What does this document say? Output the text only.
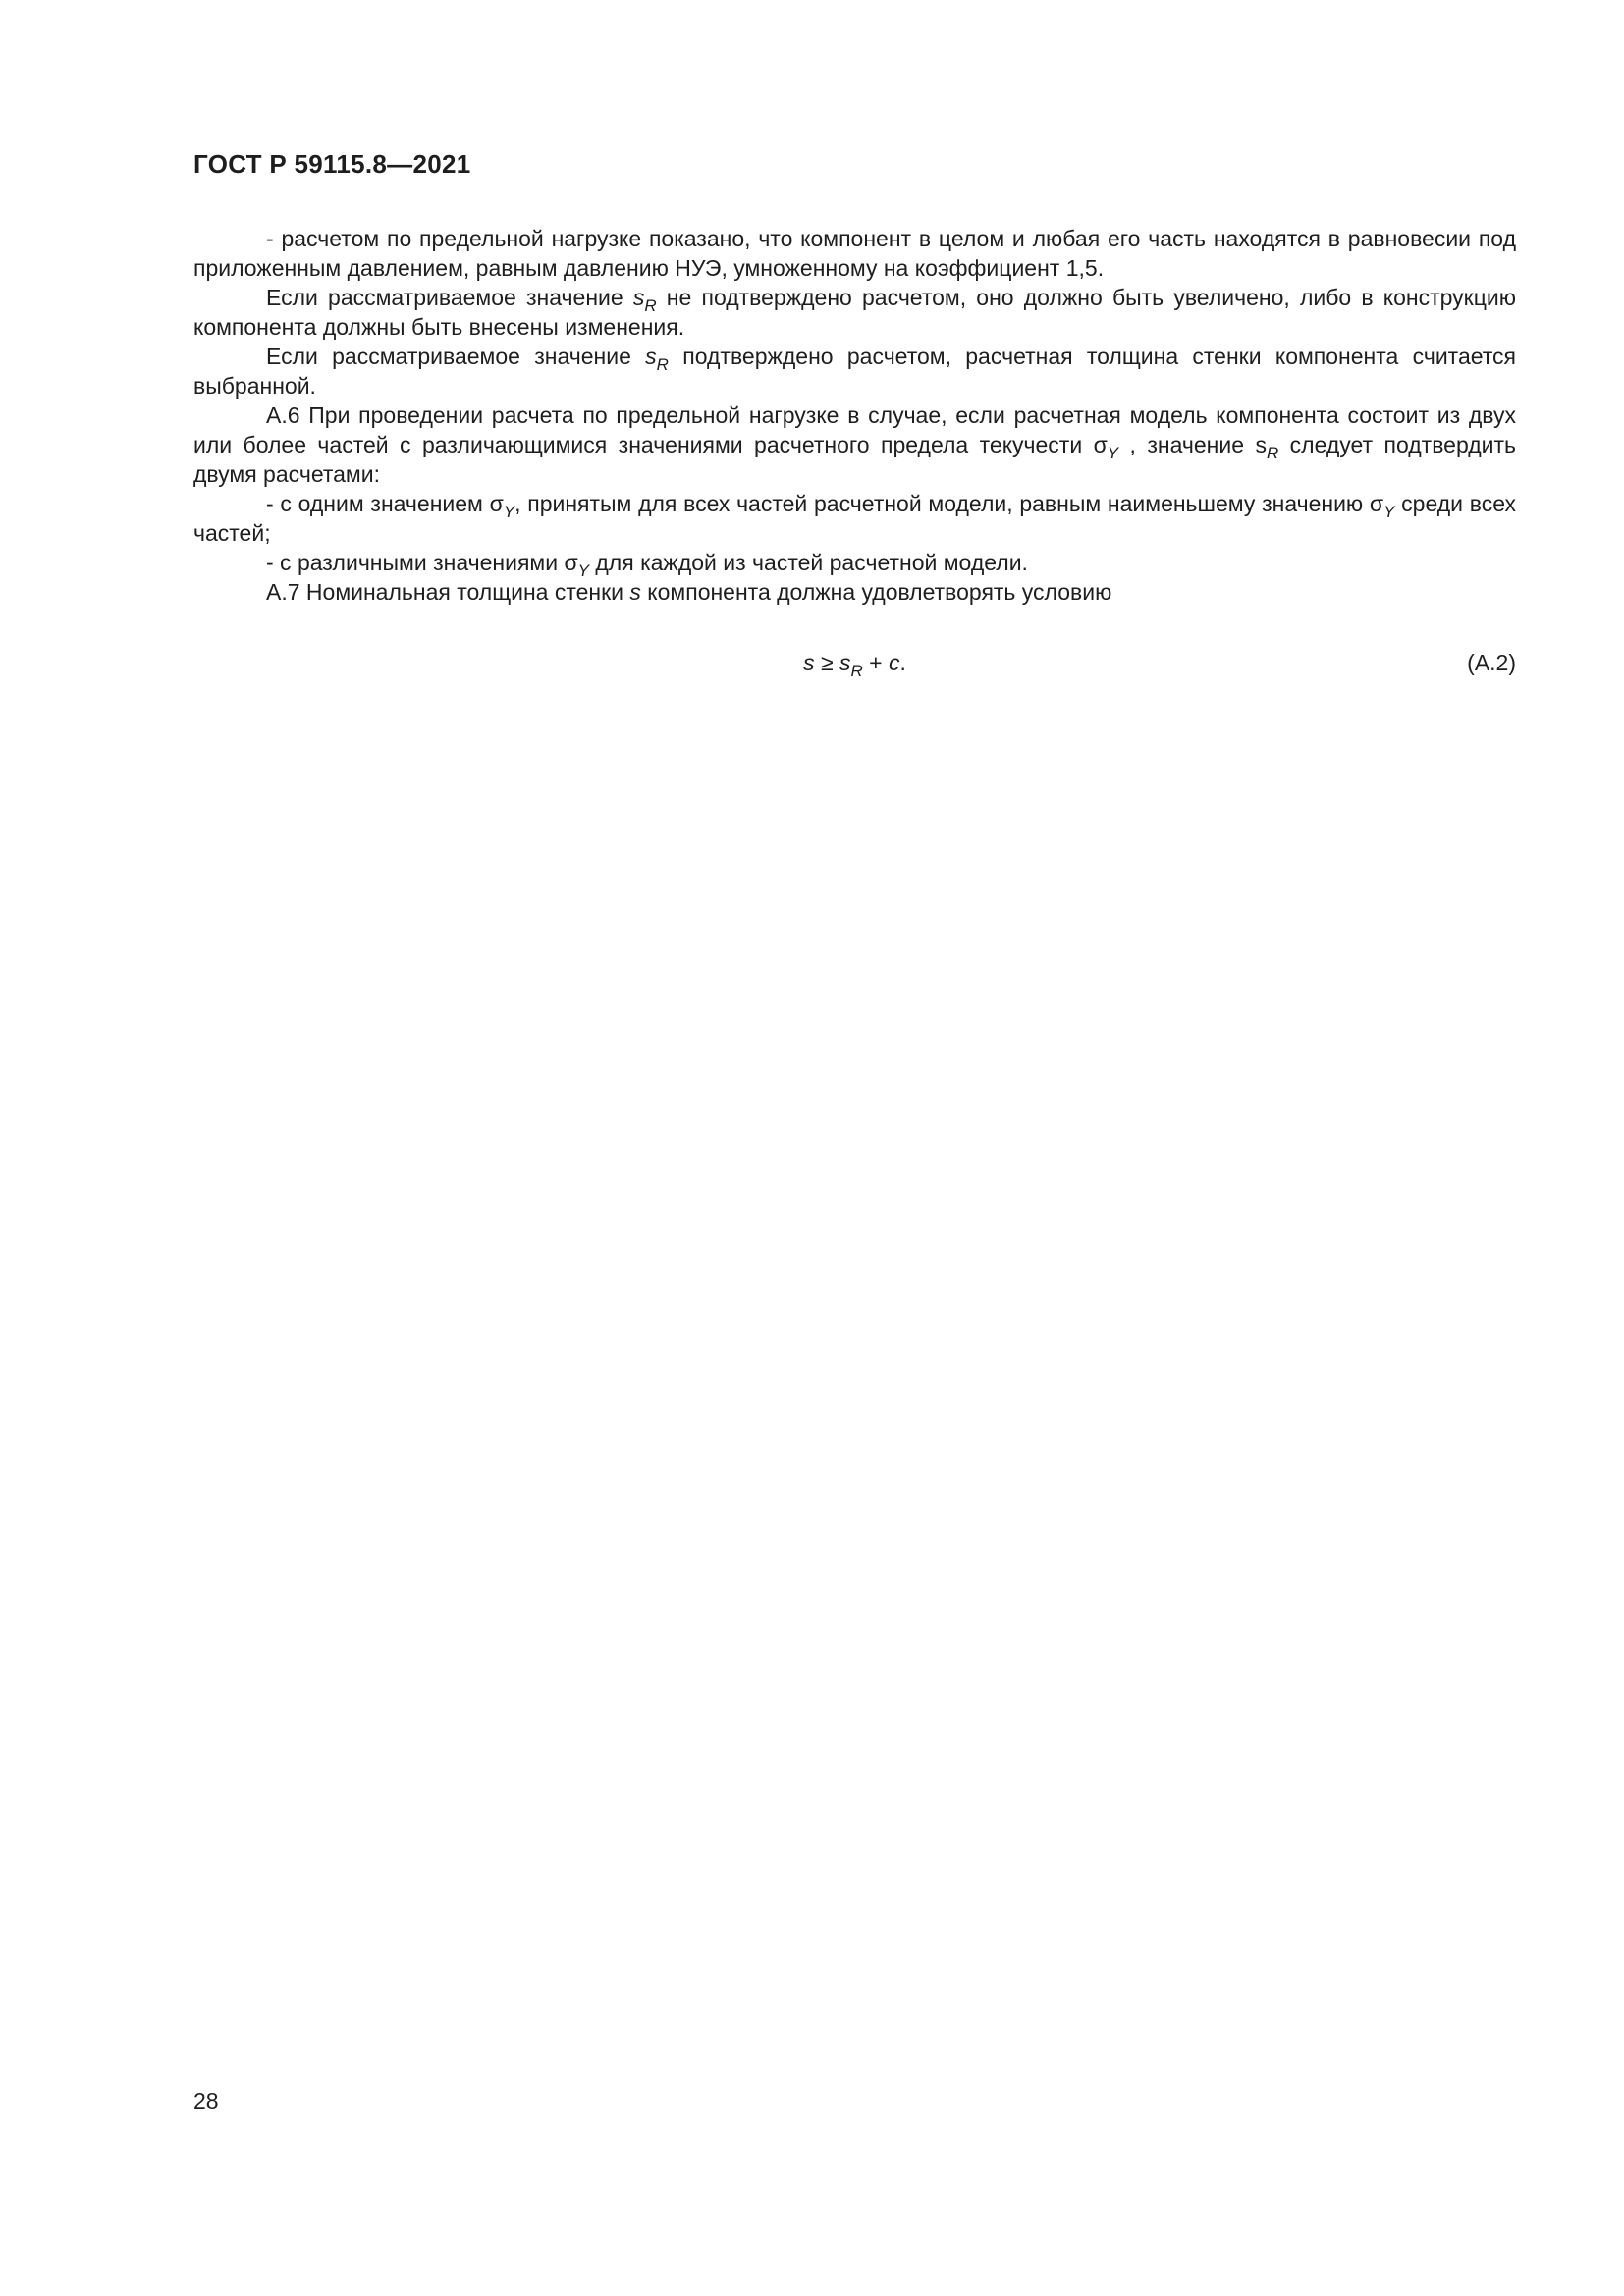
ГОСТ Р 59115.8—2021

- расчетом по предельной нагрузке показано, что компонент в целом и любая его часть находятся в равновесии под приложенным давлением, равным давлению НУЭ, умноженному на коэффициент 1,5.

Если рассматриваемое значение $s_R$ не подтверждено расчетом, оно должно быть увеличено, либо в конструкцию компонента должны быть внесены изменения.

Если рассматриваемое значение $s_R$ подтверждено расчетом, расчетная толщина стенки компонента считается выбранной.

А.6 При проведении расчета по предельной нагрузке в случае, если расчетная модель компонента состоит из двух или более частей с различающимися значениями расчетного предела текучести $\sigma_Y$ , значение $s_R$ следует подтвердить двумя расчетами:

- с одним значением $\sigma_Y$, принятым для всех частей расчетной модели, равным наименьшему значению $\sigma_Y$ среди всех частей;

- с различными значениями $\sigma_Y$ для каждой из частей расчетной модели.

А.7 Номинальная толщина стенки s компонента должна удовлетворять условию

$s \ge s_R + c$.	(А.2)
28
